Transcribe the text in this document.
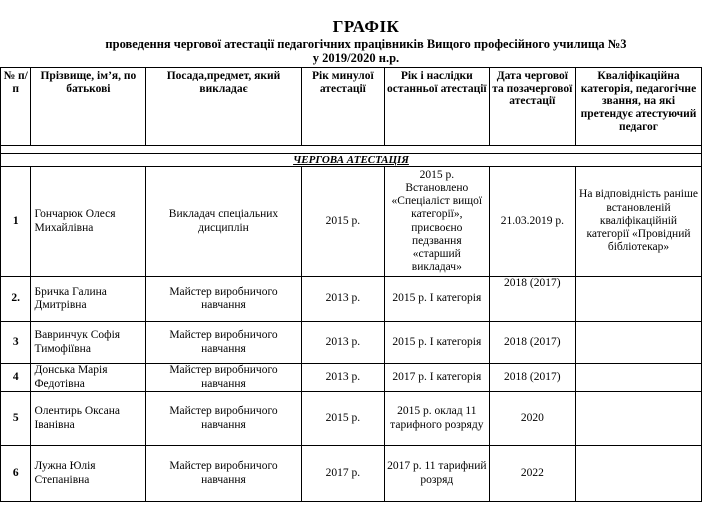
ГРАФІК
проведення чергової атестації педагогічних працівників Вищого професійного училища №3
у 2019/2020 н.р.
№ п/п	Прізвище, ім’я, по батькові	Посада,предмет, який викладає	Рік минулої атестації	Рік і наслідки останньої атестації	Дата чергової та позачергової атестації	Кваліфікаційна категорія, педагогічне звання, на які претендує атестуючий педагог

ЧЕРГОВА АТЕСТАЦІЯ						
1	Гончарюк Олеся Михайлівна	Викладач спеціальних дисциплін	2015 р.	2015 р. Встановлено «Спеціаліст вищої категорії», присвоєно педзвання «старший викладач»	21.03.2019 р.	На відповідність раніше встановленій кваліфікаційній категорії «Провідний бібліотекар»
2.	Бричка Галина Дмитрівна	Майстер виробничого навчання	2013 р.	2015 р. І категорія	2018 (2017)	
3	Вавринчук Софія Тимофіївна	Майстер виробничого навчання	2013 р.	2015 р. І категорія	2018 (2017)	
4	Донська Марія Федотівна	Майстер виробничого навчання	2013 р.	2017 р. І категорія	2018 (2017)	
5	Олентирь Оксана Іванівна	Майстер виробничого навчання	2015 р.	2015 р. оклад 11 тарифного розряду	2020	
6	Лужна Юлія Степанівна	Майстер виробничого навчання	2017 р.	2017 р. 11 тарифний розряд	2022	
